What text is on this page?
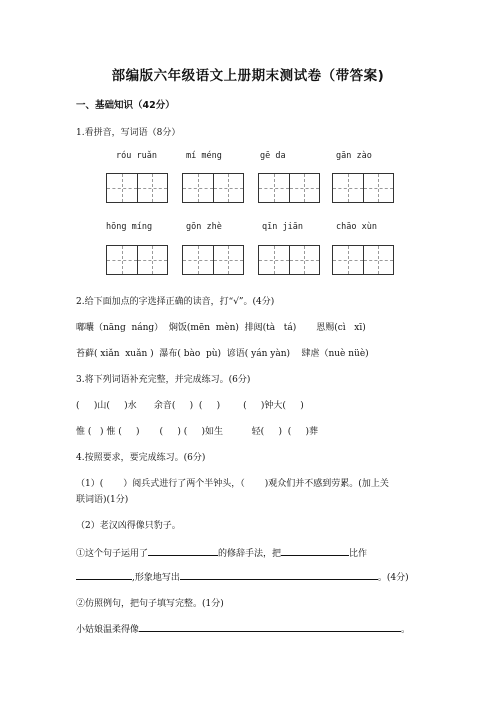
部编版六年级语文上册期末测试卷（带答案)
一、基础知识（42分）
1.看拼音，写词语（8分）
róu ruǎn	mí méng	gē da	gān zào
hōng míng	gōn zhè	qīn jiān	chāo xùn
2.给下面加点的字选择正确的读音，打“√”。(4分)
嘟囔（nāng  náng）  焖饭(mēn  mèn)  排闼(tà   tá)       恩赐(cì   xī)
苔藓( xiǎn  xuǎn )  瀑布( bào  pù)  谚语( yán yàn)    肆虐（nuè nüè)
3.将下列词语补充完整，并完成练习。(6分)
(     )山(     )水      余音(     )  (     )        (     )钟大(     )
惟 (   ) 惟 (     )       (     ) (     )如生          轻(     )  (     )葬
4.按照要求，要完成练习。(6分)
（1）(       ）阅兵式进行了两个半钟头，（       )观众们并不感到劳累。(加上关
联词语)(1分)
（2）老汉凶得像只豹子。
①这个句子运用了	的修辞手法，把	比作
,形象地写出	。(4分)
②仿照例句，把句子填写完整。(1分)
小姑娘温柔得像	。
